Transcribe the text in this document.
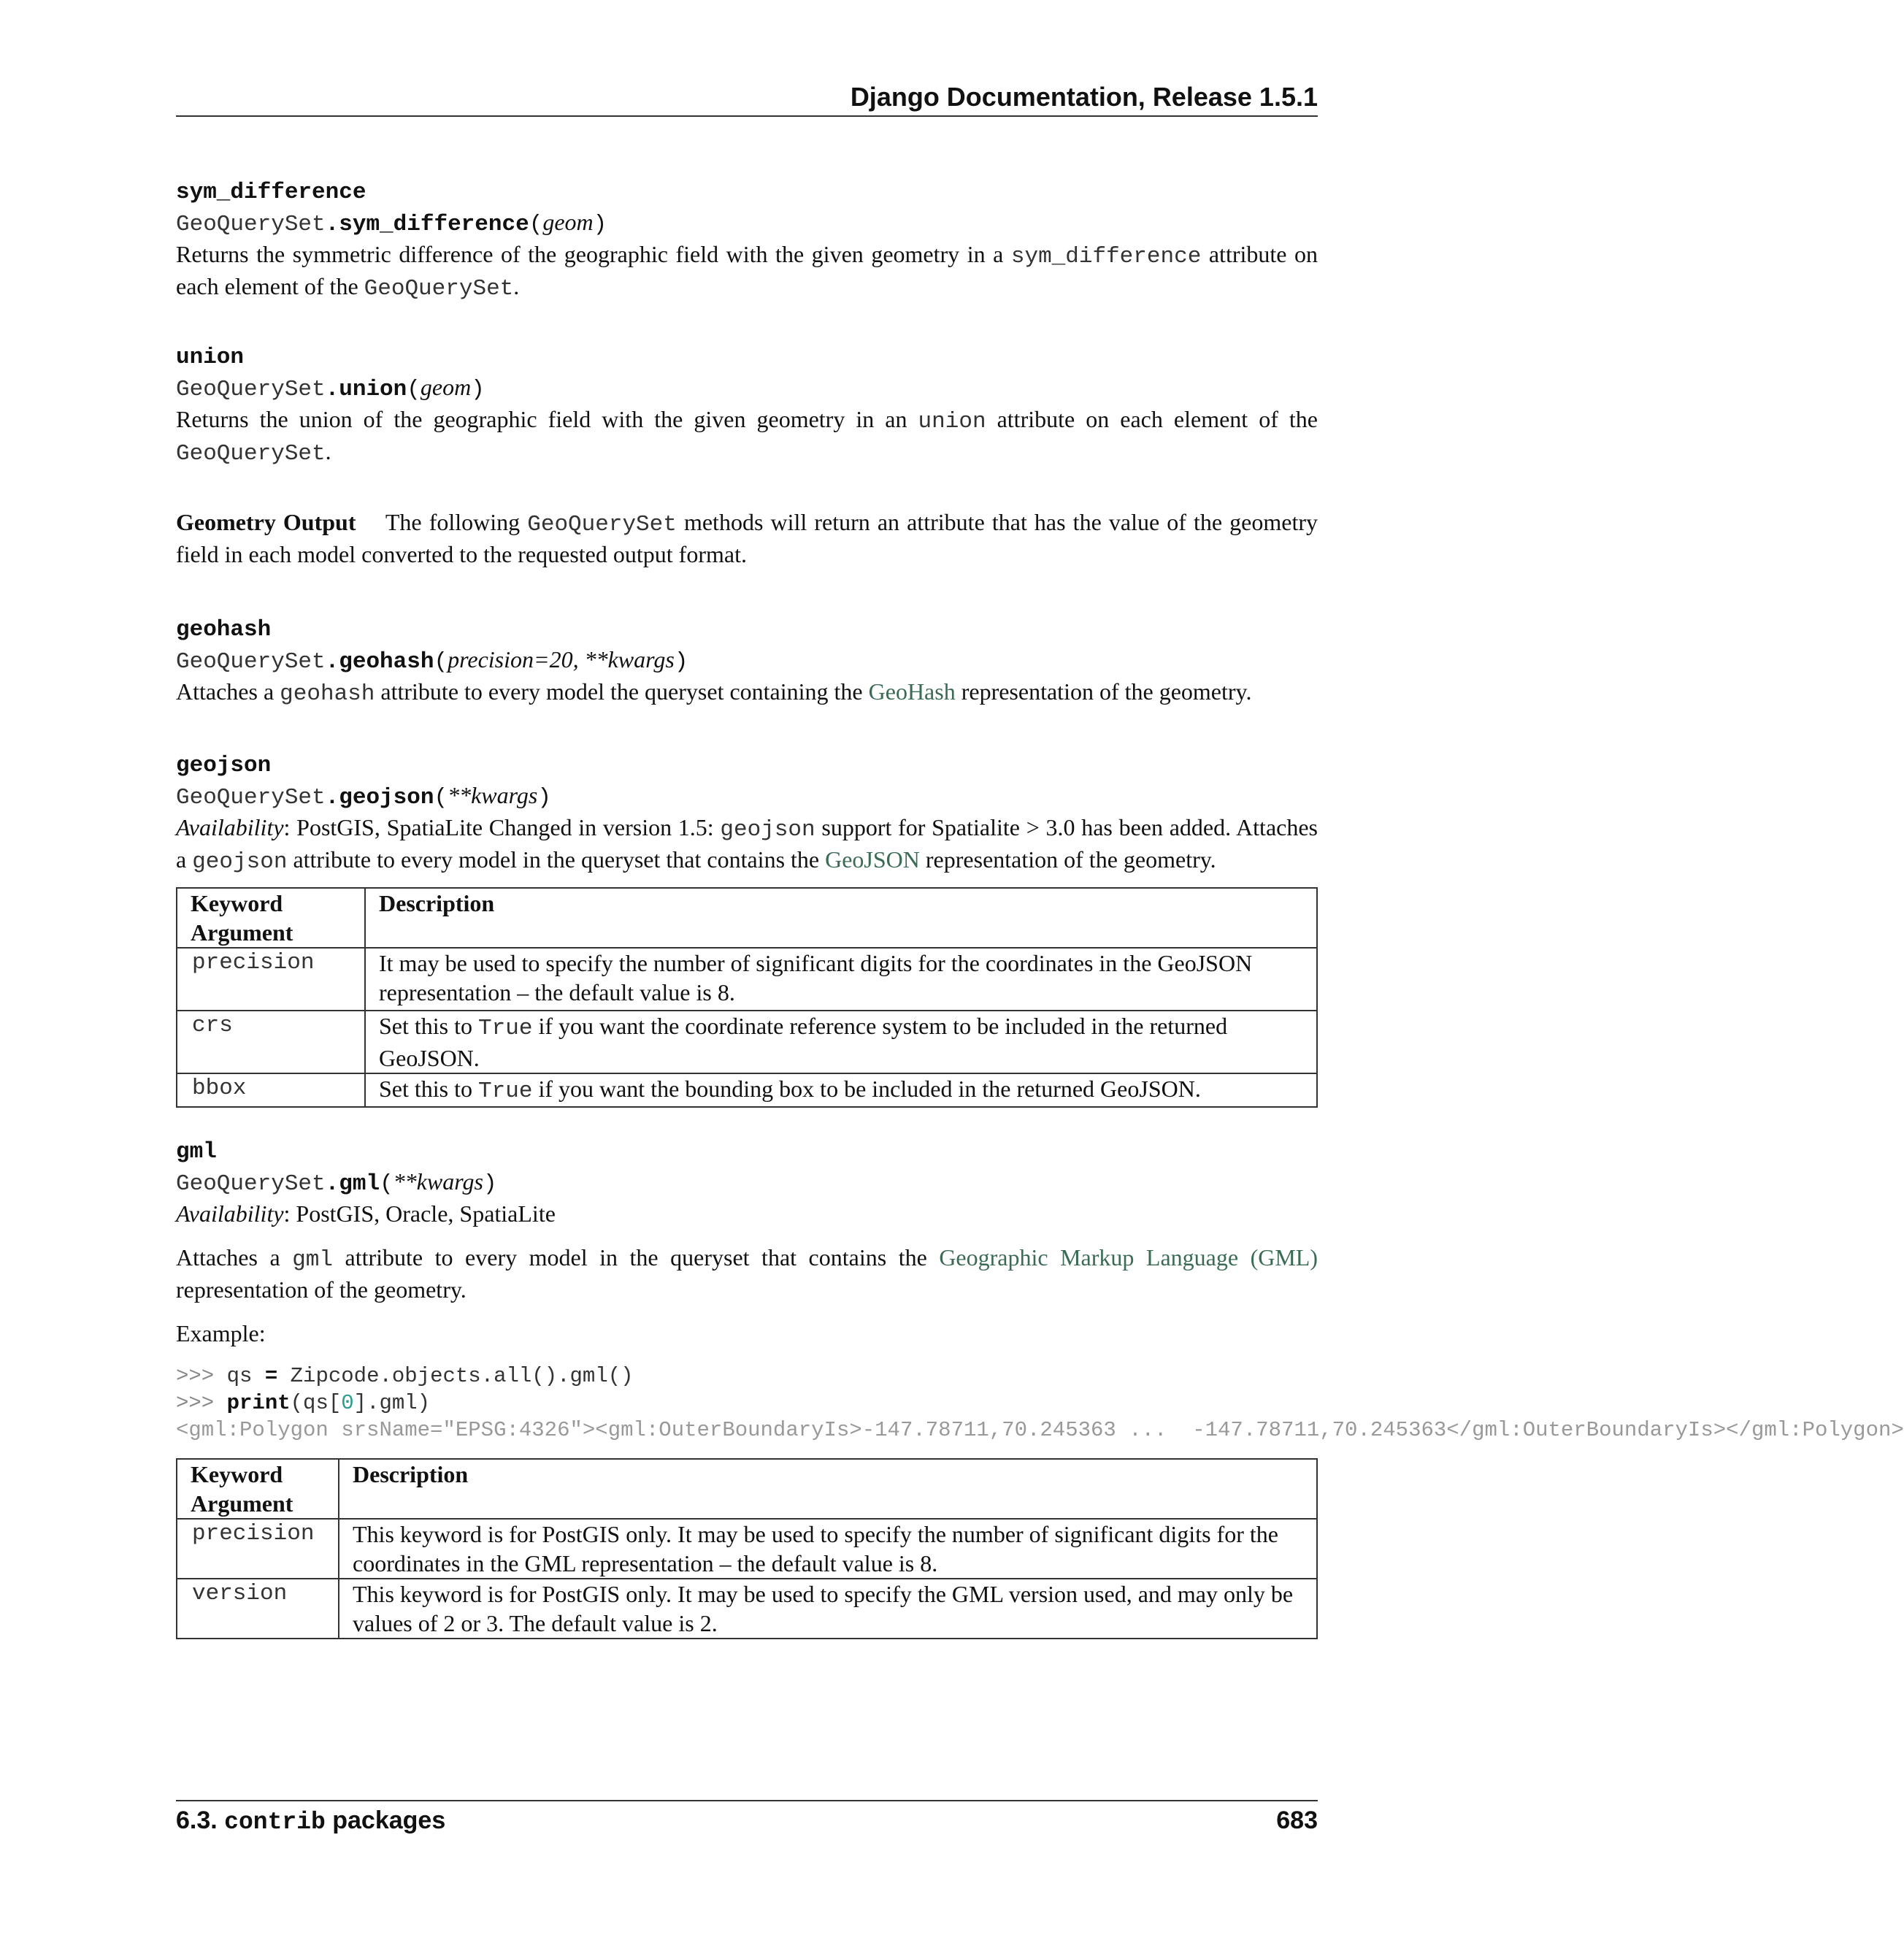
Django Documentation, Release 1.5.1
sym_difference
GeoQuerySet.sym_difference(geom)

Returns the symmetric difference of the geographic field with the given geometry in a sym_difference attribute on each element of the GeoQuerySet.

union
GeoQuerySet.union(geom)

Returns the union of the geographic field with the given geometry in an union attribute on each element of the GeoQuerySet.

Geometry Output The following GeoQuerySet methods will return an attribute that has the value of the geometry field in each model converted to the requested output format.

geohash
GeoQuerySet.geohash(precision=20, **kwargs)

Attaches a geohash attribute to every model the queryset containing the GeoHash representation of the geometry.

geojson
GeoQuerySet.geojson(**kwargs)

Availability: PostGIS, SpatiaLite Changed in version 1.5: geojson support for Spatialite > 3.0 has been added. Attaches a geojson attribute to every model in the queryset that contains the GeoJSON representation of the geometry.

Keyword Argument	Description
precision	It may be used to specify the number of significant digits for the coordinates in the GeoJSON representation – the default value is 8.
crs	Set this to True if you want the coordinate reference system to be included in the returned GeoJSON.
bbox	Set this to True if you want the bounding box to be included in the returned GeoJSON.
gml
GeoQuerySet.gml(**kwargs)

Availability: PostGIS, Oracle, SpatiaLite

Attaches a gml attribute to every model in the queryset that contains the Geographic Markup Language (GML) representation of the geometry.

Example:

>>> qs = Zipcode.objects.all().gml()
>>> print(qs[0].gml)
<gml:Polygon srsName="EPSG:4326"><gml:OuterBoundaryIs>-147.78711,70.245363 ...  -147.78711,70.245363</gml:OuterBoundaryIs></gml:Polygon>
Keyword Argument	Description
precision	This keyword is for PostGIS only. It may be used to specify the number of significant digits for the coordinates in the GML representation – the default value is 8.
version	This keyword is for PostGIS only. It may be used to specify the GML version used, and may only be values of 2 or 3. The default value is 2.
6.3. contrib packages	683
